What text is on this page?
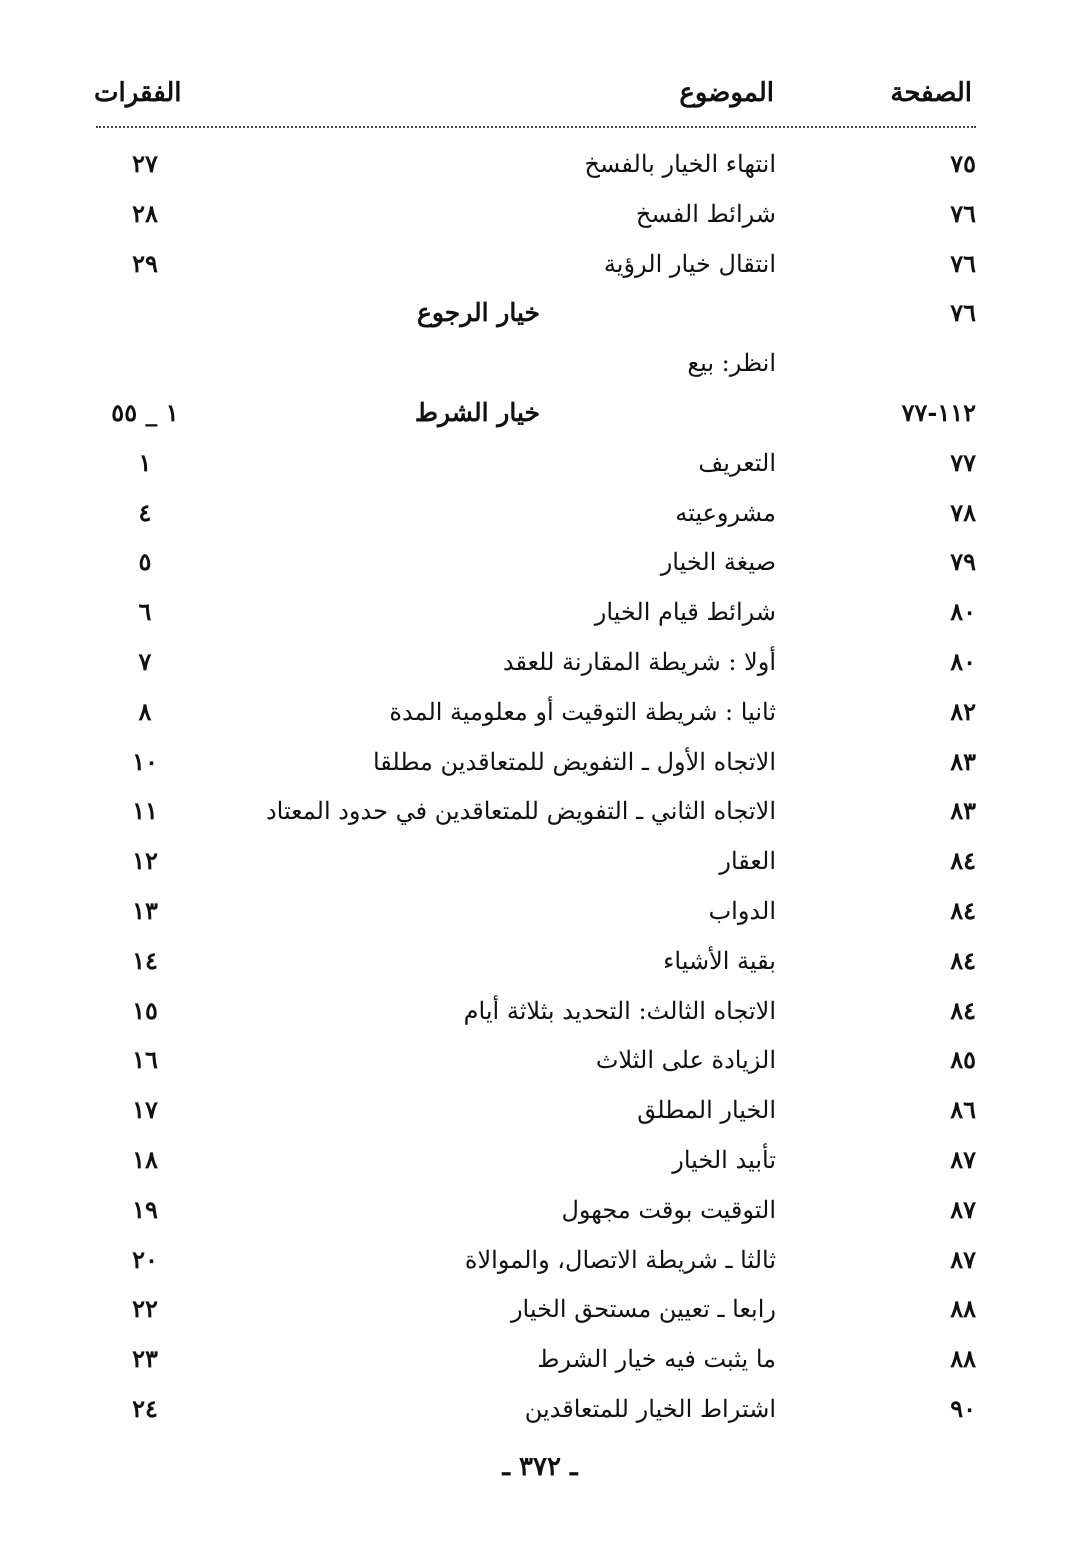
الصفحة
الموضوع
الفقرات
٧٥
انتهاء الخيار بالفسخ
٢٧
٧٦
شرائط الفسخ
٢٨
٧٦
انتقال خيار الرؤية
٢٩
٧٦
خيار الرجوع
انظر: بيع
١١٢-٧٧
خيار الشرط
١ _ ٥٥
٧٧
التعريف
١
٧٨
مشروعيته
٤
٧٩
صيغة الخيار
٥
٨٠
شرائط قيام الخيار
٦
٨٠
أولا : شريطة المقارنة للعقد
٧
٨٢
ثانيا : شريطة التوقيت أو معلومية المدة
٨
٨٣
الاتجاه الأول ـ التفويض للمتعاقدين مطلقا
١٠
٨٣
الاتجاه الثاني ـ التفويض للمتعاقدين في حدود المعتاد
١١
٨٤
العقار
١٢
٨٤
الدواب
١٣
٨٤
بقية الأشياء
١٤
٨٤
الاتجاه الثالث: التحديد بثلاثة أيام
١٥
٨٥
الزيادة على الثلاث
١٦
٨٦
الخيار المطلق
١٧
٨٧
تأبيد الخيار
١٨
٨٧
التوقيت بوقت مجهول
١٩
٨٧
ثالثا ـ شريطة الاتصال، والموالاة
٢٠
٨٨
رابعا ـ تعيين مستحق الخيار
٢٢
٨٨
ما يثبت فيه خيار الشرط
٢٣
٩٠
اشتراط الخيار للمتعاقدين
٢٤
ـ ٣٧٢ ـ
